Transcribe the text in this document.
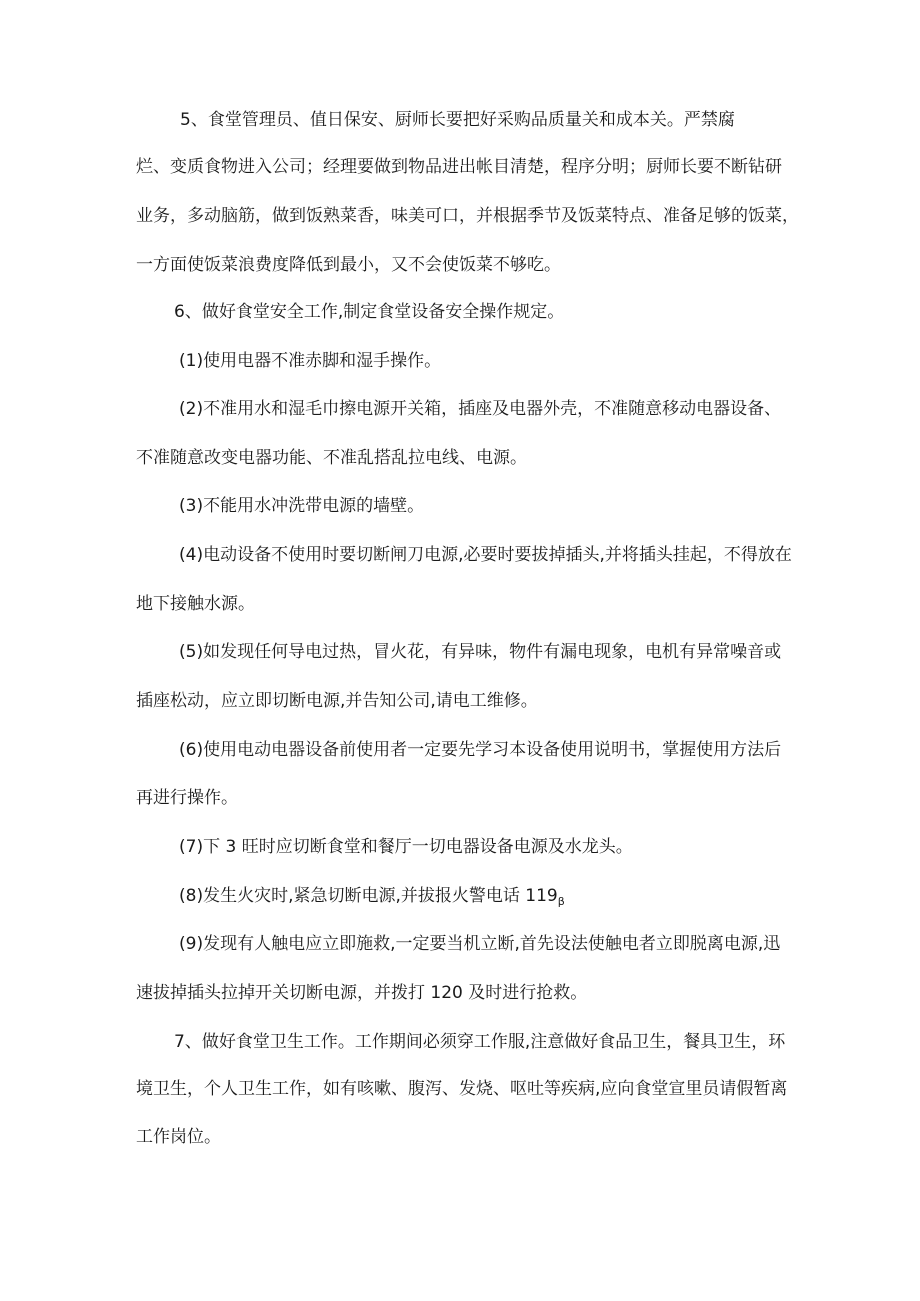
5、食堂管理员、值日保安、厨师长要把好采购品质量关和成本关。严禁腐
烂、变质食物进入公司；经理要做到物品进出帐目清楚，程序分明；厨师长要不断钻研
业务，多动脑筋，做到饭熟菜香，味美可口，并根据季节及饭菜特点、准备足够的饭菜，
一方面使饭菜浪费度降低到最小，又不会使饭菜不够吃。
6、做好食堂安全工作,制定食堂设备安全操作规定。
(1)使用电器不准赤脚和湿手操作。
(2)不准用水和湿毛巾擦电源开关箱，插座及电器外壳，不准随意移动电器设备、
不准随意改变电器功能、不准乱搭乱拉电线、电源。
(3)不能用水冲洗带电源的墙壁。
(4)电动设备不使用时要切断闸刀电源,必要时要拔掉插头,并将插头挂起，不得放在
地下接触水源。
(5)如发现任何导电过热，冒火花，有异味，物件有漏电现象，电机有异常噪音或
插座松动，应立即切断电源,并告知公司,请电工维修。
(6)使用电动电器设备前使用者一定要先学习本设备使用说明书，掌握使用方法后
再进行操作。
(7)下 3 旺时应切断食堂和餐厅一切电器设备电源及水龙头。
(8)发生火灾时,紧急切断电源,并拔报火警电话 $119_\beta$
(9)发现有人触电应立即施救,一定要当机立断,首先设法使触电者立即脱离电源,迅
速拔掉插头拉掉开关切断电源，并拨打 120 及时进行抢救。
7、做好食堂卫生工作。工作期间必须穿工作服,注意做好食品卫生，餐具卫生，环
境卫生，个人卫生工作，如有咳嗽、腹泻、发烧、呕吐等疾病,应向食堂宣里员请假暂离
工作岗位。
